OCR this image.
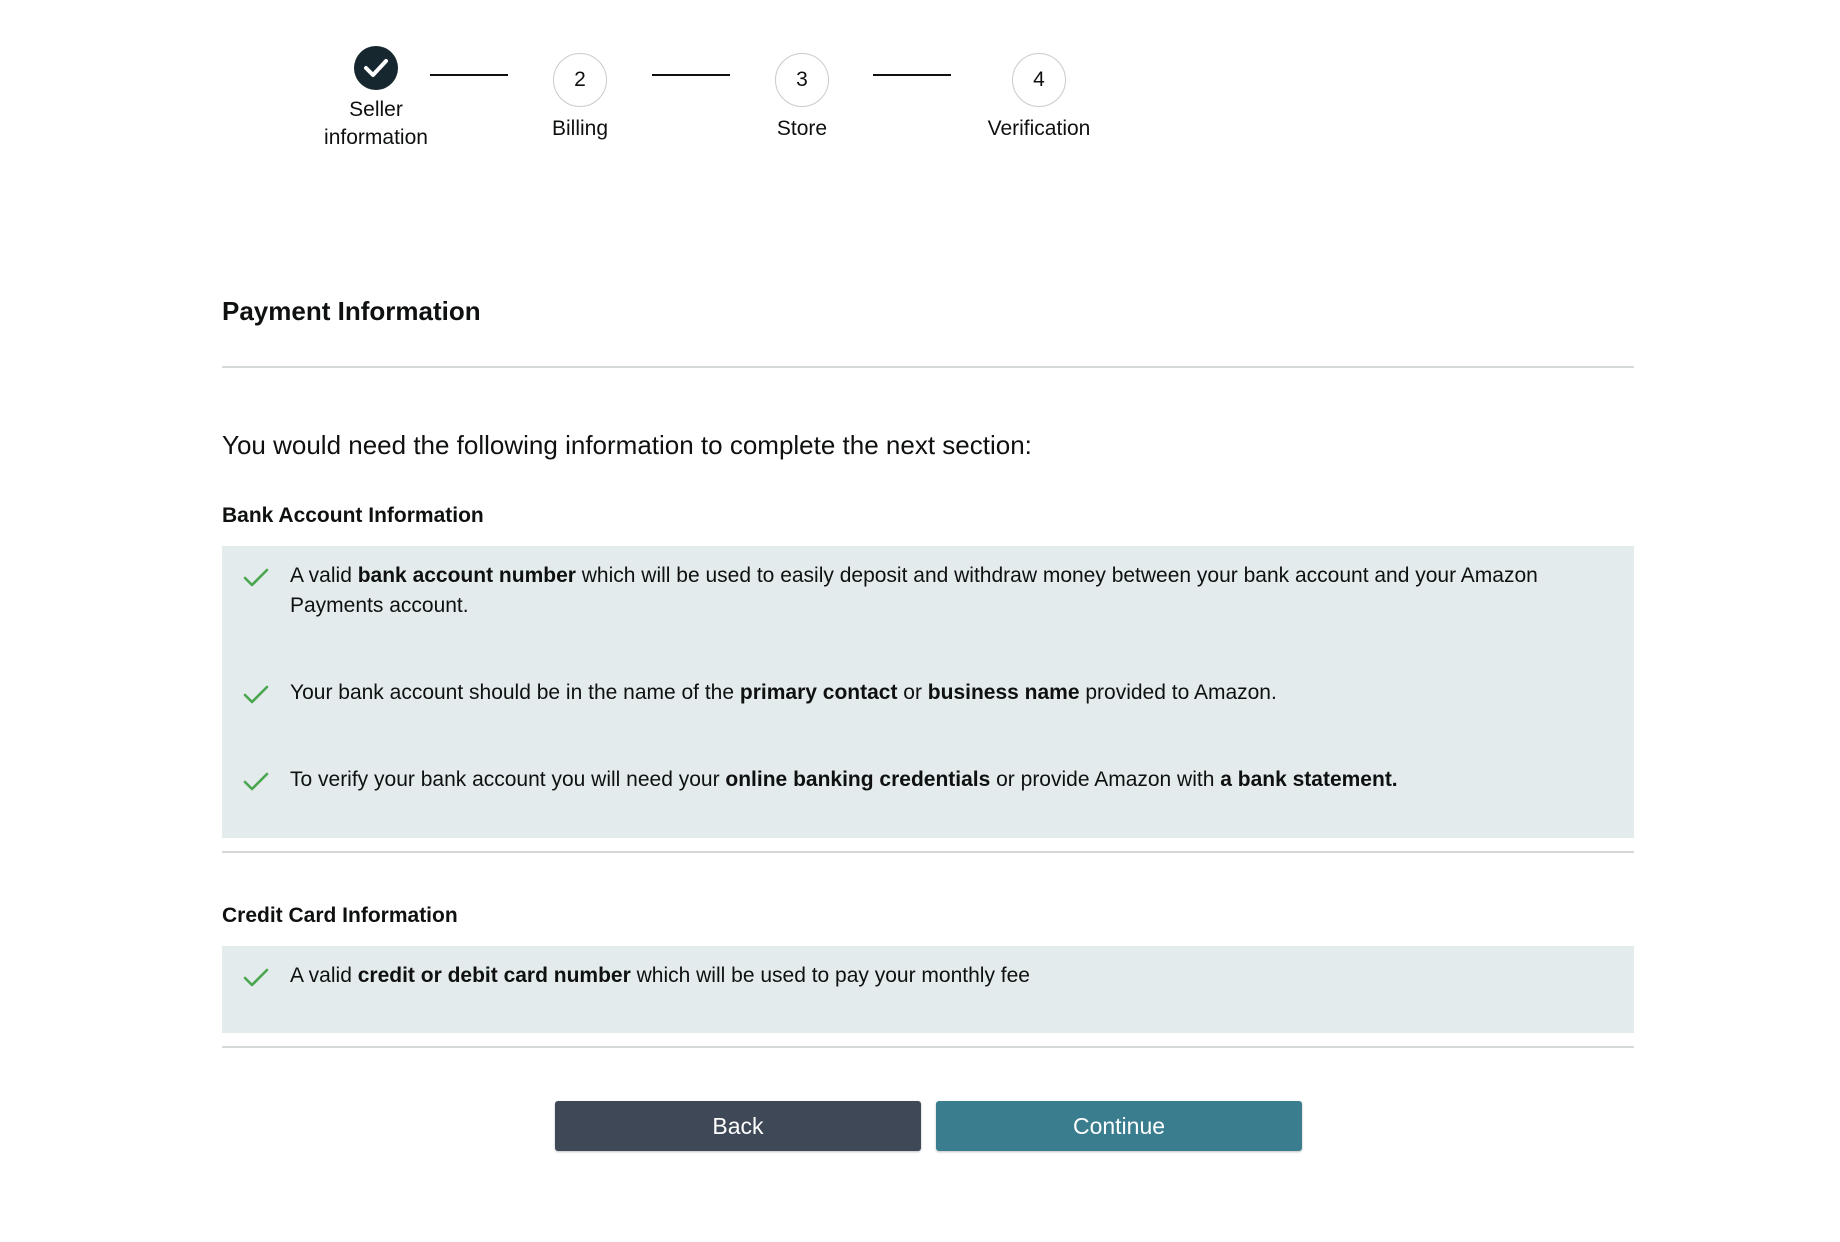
Seller
information
2
Billing
3
Store
4
Verification
Payment Information

You would need the following information to complete the next section:

Bank Account Information
A valid bank account number which will be used to easily deposit and withdraw money between your bank account and your Amazon Payments account.
Your bank account should be in the name of the primary contact or business name provided to Amazon.
To verify your bank account you will need your online banking credentials or provide Amazon with a bank statement.
Credit Card Information
A valid credit or debit card number which will be used to pay your monthly fee
Back	Continue
